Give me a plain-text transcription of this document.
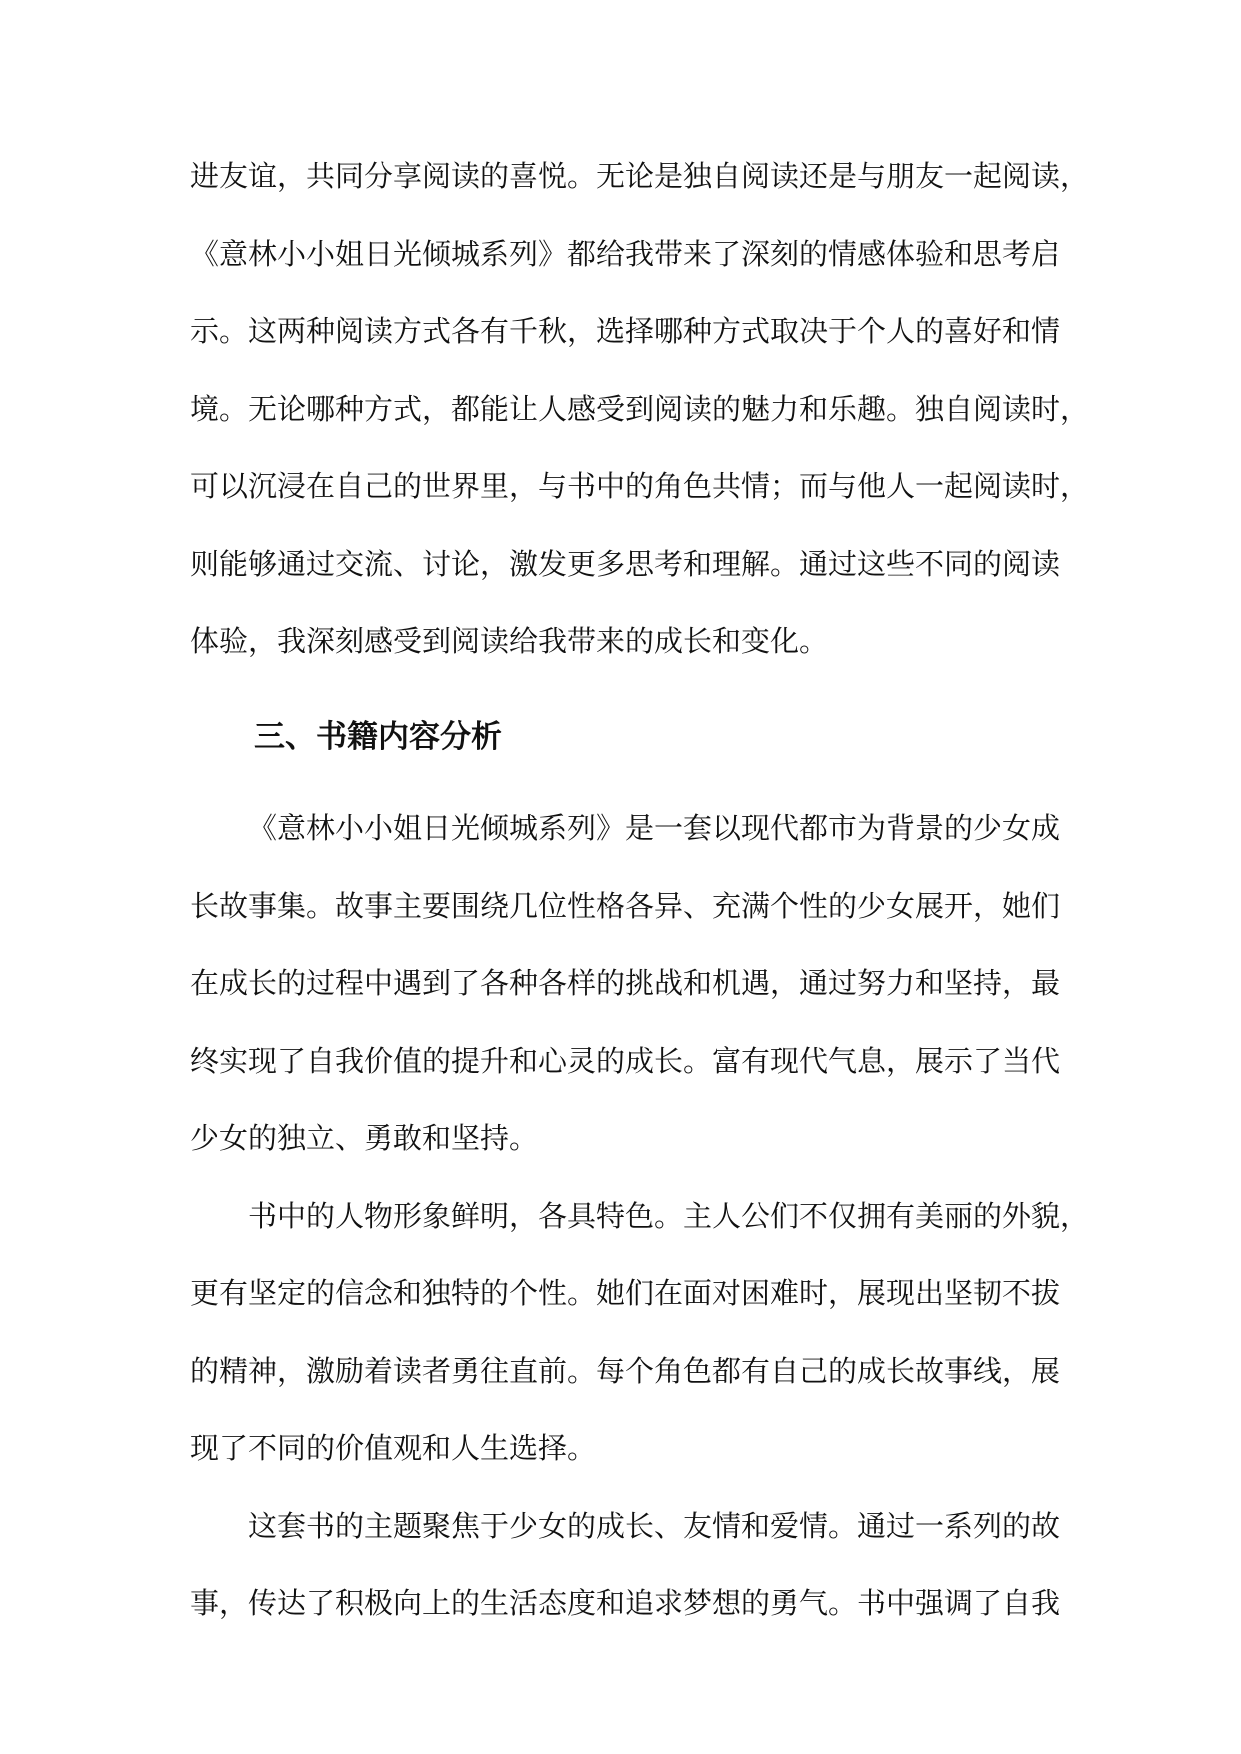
进友谊，共同分享阅读的喜悦。无论是独自阅读还是与朋友一起阅读，
《意林小小姐日光倾城系列》都给我带来了深刻的情感体验和思考启
示。这两种阅读方式各有千秋，选择哪种方式取决于个人的喜好和情
境。无论哪种方式，都能让人感受到阅读的魅力和乐趣。独自阅读时，
可以沉浸在自己的世界里，与书中的角色共情；而与他人一起阅读时，
则能够通过交流、讨论，激发更多思考和理解。通过这些不同的阅读
体验，我深刻感受到阅读给我带来的成长和变化。
三、书籍内容分析
《意林小小姐日光倾城系列》是一套以现代都市为背景的少女成
长故事集。故事主要围绕几位性格各异、充满个性的少女展开，她们
在成长的过程中遇到了各种各样的挑战和机遇，通过努力和坚持，最
终实现了自我价值的提升和心灵的成长。富有现代气息，展示了当代
少女的独立、勇敢和坚持。
书中的人物形象鲜明，各具特色。主人公们不仅拥有美丽的外貌，
更有坚定的信念和独特的个性。她们在面对困难时，展现出坚韧不拔
的精神，激励着读者勇往直前。每个角色都有自己的成长故事线，展
现了不同的价值观和人生选择。
这套书的主题聚焦于少女的成长、友情和爱情。通过一系列的故
事，传达了积极向上的生活态度和追求梦想的勇气。书中强调了自我
